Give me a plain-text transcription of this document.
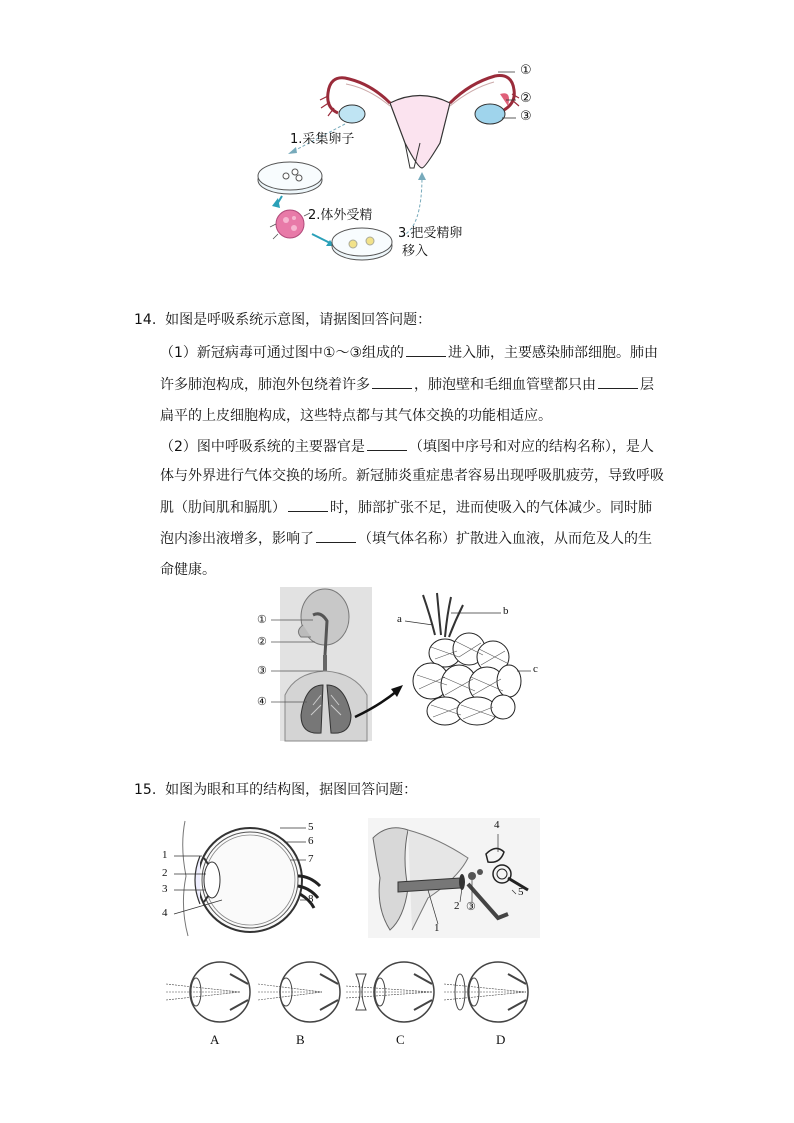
①
②
③
1.采集卵子
2.体外受精
3.把受精卵
移入
14. 如图是呼吸系统示意图，请据图回答问题：
（1）新冠病毒可通过图中①～③组成的	进入肺，主要感染肺部细胞。肺由
许多肺泡构成，肺泡外包绕着许多	，肺泡壁和毛细血管壁都只由	层
扁平的上皮细胞构成，这些特点都与其气体交换的功能相适应。
（2）图中呼吸系统的主要器官是	（填图中序号和对应的结构名称），是人
体与外界进行气体交换的场所。新冠肺炎重症患者容易出现呼吸肌疲劳，导致呼吸
肌（肋间肌和膈肌）	时，肺部扩张不足，进而使吸入的气体减少。同时肺
泡内渗出液增多，影响了	（填气体名称）扩散进入血液，从而危及人的生
命健康。
①
②
③
④
a
b
c
15. 如图为眼和耳的结构图，据图回答问题：
1
2
3
4
5
6
7
8
1
2 ③
4
5
A	B	C	D
